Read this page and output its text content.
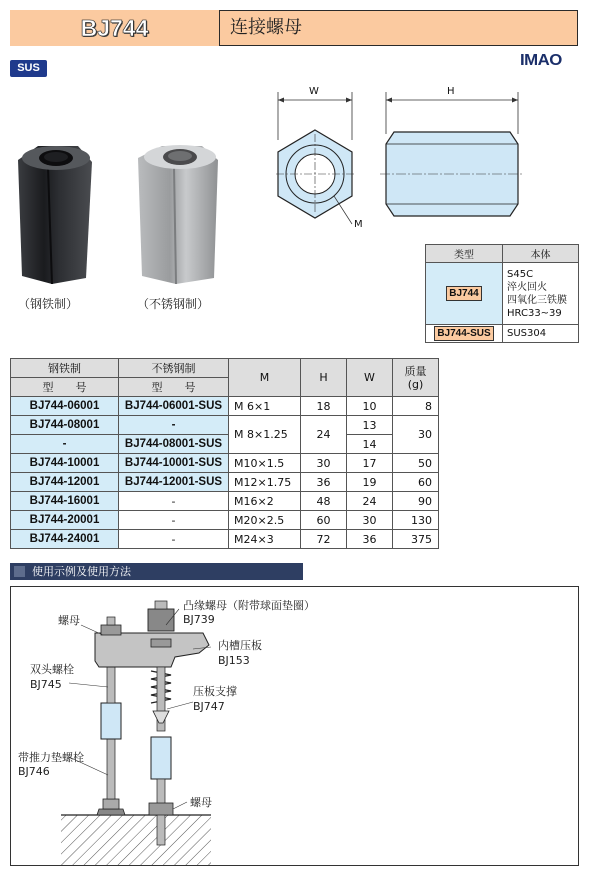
BJ744	连接螺母
SUS	IMAO
（钢铁制）	（不锈钢制）
W	H
M
类型	本体
BJ744	S45C
淬火回火
四氧化三铁膜
HRC33~39

BJ744-SUS	SUS304
钢铁制	不锈钢制	M	H	W	质量
(g)

型　　号	型　　号				
BJ744-06001	BJ744-06001-SUS	M 6×1	18	10	8
BJ744-08001	-	M 8×1.25	24	13	30
-	BJ744-08001-SUS			14	
BJ744-10001	BJ744-10001-SUS	M10×1.5	30	17	50
BJ744-12001	BJ744-12001-SUS	M12×1.75	36	19	60
BJ744-16001	-	M16×2	48	24	90
BJ744-20001	-	M20×2.5	60	30	130
BJ744-24001	-	M24×3	72	36	375
使用示例及使用方法
螺母
凸缘螺母（附带球面垫圈）
BJ739
内槽压板
BJ153
双头螺栓
BJ745
压板支撑
BJ747
带推力垫螺栓
BJ746
螺母
